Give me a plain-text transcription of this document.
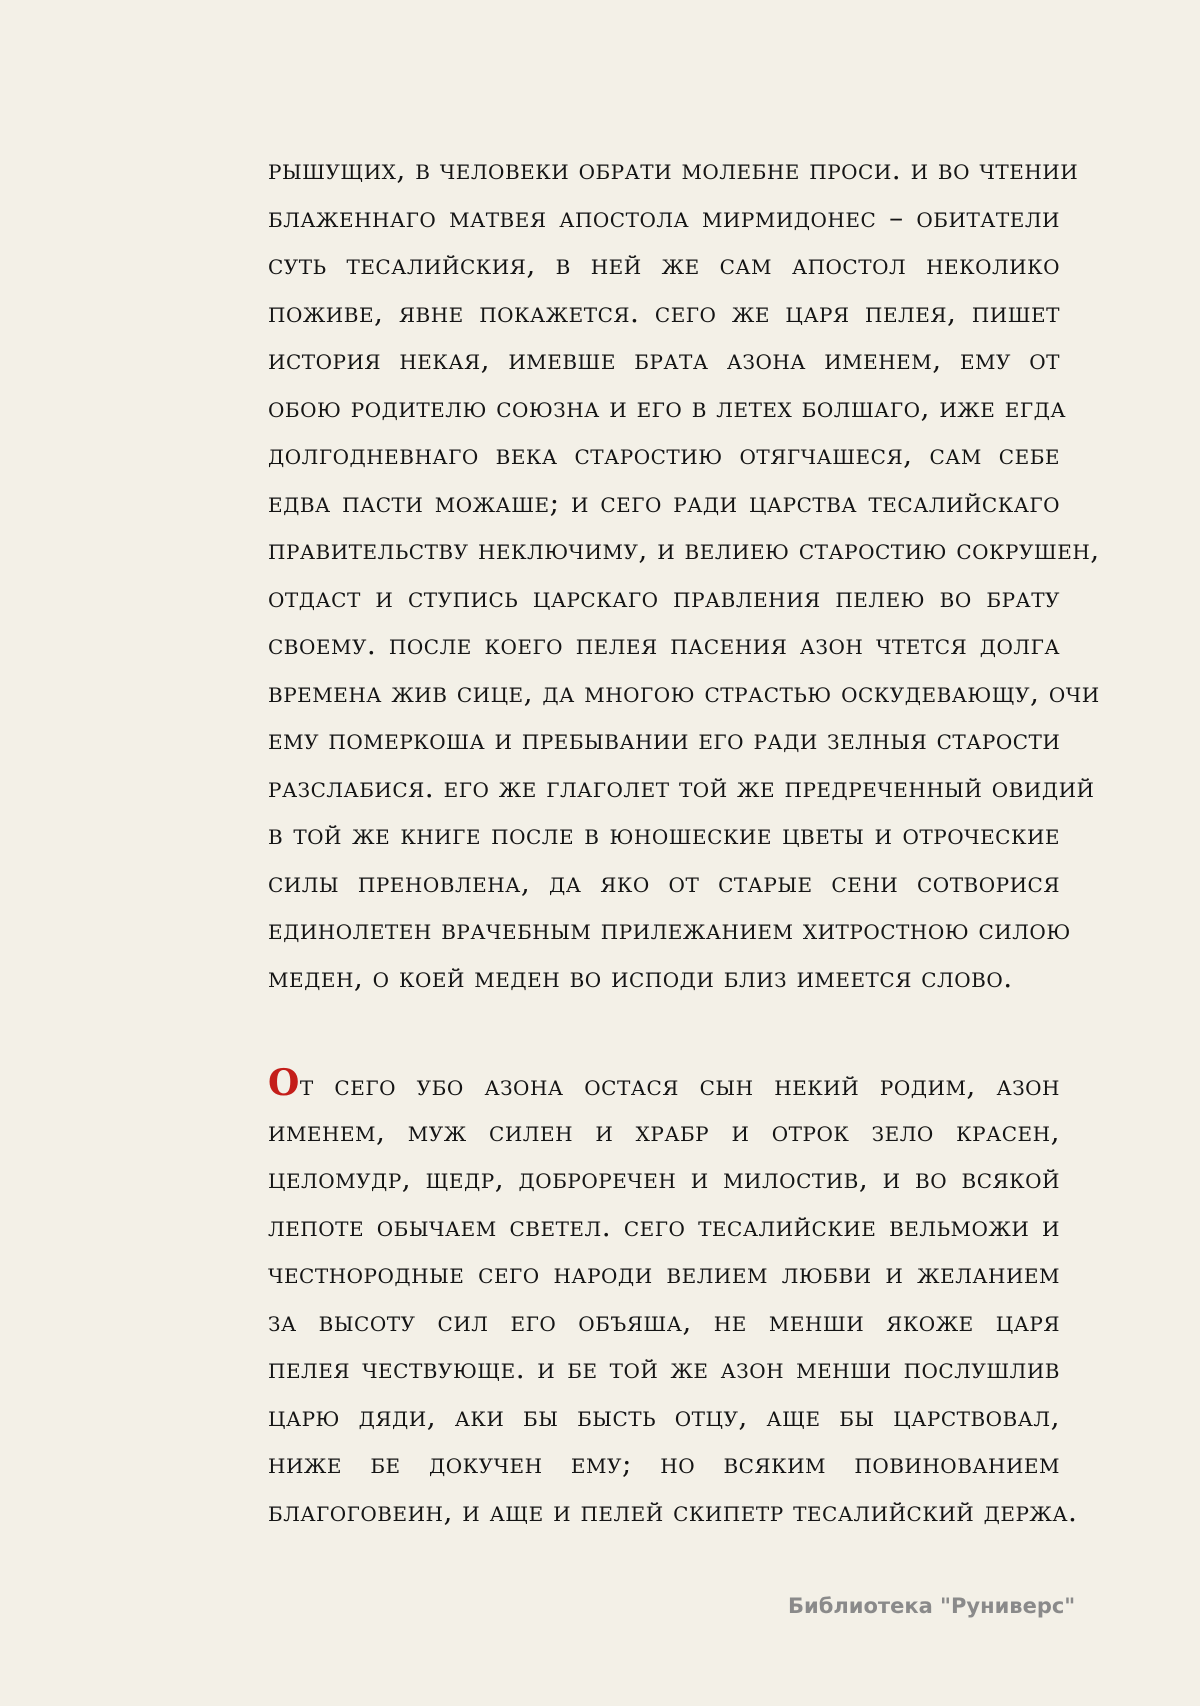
рышущих, в человеки обрати молебне проси. и во чтении
блаженнаго матвея апостола мирмидонес – обитатели
суть тесалийския, в ней же сам апостол неколико
поживе, явне покажется. сего же царя пелея, пишет
история некая, имевше брата азона именем, ему от
обою родителю союзна и его в летех болшаго, иже егда
долгодневнаго века старостию отягчашеся, сам себе
едва пасти можаше; и сего ради царства тесалийскаго
правительству неключиму, и велиею старостию сокрушен,
отдаст и ступись царскаго правления пелею во брату
своему. после коего пелея пасения азон чтется долга
времена жив сице, да многою страстью оскудевающу, очи
ему померкоша и пребывании его ради зелныя старости
разслабися. его же глаголет той же предреченный овидий
в той же книге после в юношеские цветы и отроческие
силы преновлена, да яко от старые сени сотворися
единолетен врачебным прилежанием хитростною силою
меден, о коей меден во исподи близ имеется слово.
От сего убо азона остася сын некий родим, азон
именем, муж силен и храбр и отрок зело красен,
целомудр, щедр, доброречен и милостив, и во всякой
лепоте обычаем светел. сего тесалийские вельможи и
честнородные сего народи велием любви и желанием
за высоту сил его объяша, не менши якоже царя
пелея чествующе. и бе той же азон менши послушлив
царю дяди, аки бы бысть отцу, аще бы царствовал,
ниже бе докучен ему; но всяким повинованием
благоговеин, и аще и пелей скипетр тесалийский держа.
Библиотека "Руниверс"
